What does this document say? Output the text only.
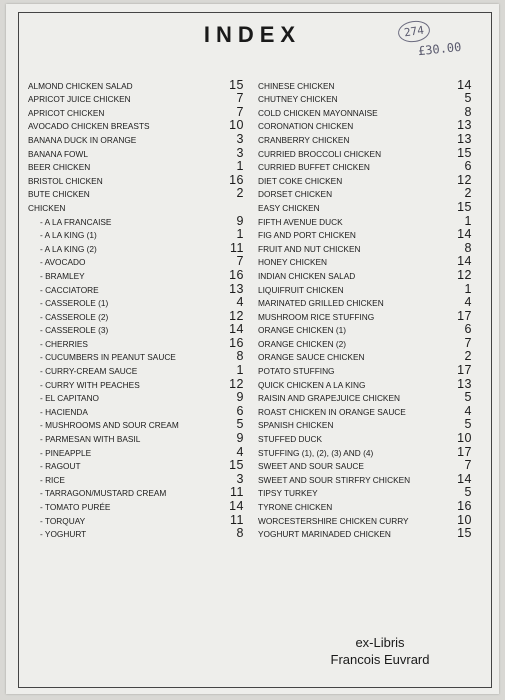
INDEX	274
£30.00
ALMOND CHICKEN SALAD	15
APRICOT JUICE CHICKEN	7
APRICOT CHICKEN	7
AVOCADO CHICKEN BREASTS	10
BANANA DUCK IN ORANGE	3
BANANA FOWL	3
BEER CHICKEN	1
BRISTOL CHICKEN	16
BUTE CHICKEN	2
CHICKEN
- A LA FRANCAISE	9
- A LA KING (1)	1
- A LA KING (2)	11
- AVOCADO	7
- BRAMLEY	16
- CACCIATORE	13
- CASSEROLE (1)	4
- CASSEROLE (2)	12
- CASSEROLE (3)	14
- CHERRIES	16
- CUCUMBERS IN PEANUT SAUCE	8
- CURRY-CREAM SAUCE	1
- CURRY WITH PEACHES	12
- EL CAPITANO	9
- HACIENDA	6
- MUSHROOMS AND SOUR CREAM	5
- PARMESAN WITH BASIL	9
- PINEAPPLE	4
- RAGOUT	15
- RICE	3
- TARRAGON/MUSTARD CREAM	11
- TOMATO PURÉE	14
- TORQUAY	11
- YOGHURT	8
CHINESE CHICKEN	14
CHUTNEY CHICKEN	5
COLD CHICKEN MAYONNAISE	8
CORONATION CHICKEN	13
CRANBERRY CHICKEN	13
CURRIED BROCCOLI CHICKEN	15
CURRIED BUFFET CHICKEN	6
DIET COKE CHICKEN	12
DORSET CHICKEN	2
EASY CHICKEN	15
FIFTH AVENUE DUCK	1
FIG AND PORT CHICKEN	14
FRUIT AND NUT CHICKEN	8
HONEY CHICKEN	14
INDIAN CHICKEN SALAD	12
LIQUIFRUIT CHICKEN	1
MARINATED GRILLED CHICKEN	4
MUSHROOM RICE STUFFING	17
ORANGE CHICKEN (1)	6
ORANGE CHICKEN (2)	7
ORANGE SAUCE CHICKEN	2
POTATO STUFFING	17
QUICK CHICKEN A LA KING	13
RAISIN AND GRAPEJUICE CHICKEN	5
ROAST CHICKEN IN ORANGE SAUCE	4
SPANISH CHICKEN	5
STUFFED DUCK	10
STUFFING (1), (2), (3) AND (4)	17
SWEET AND SOUR SAUCE	7
SWEET AND SOUR STIRFRY CHICKEN	14
TIPSY TURKEY	5
TYRONE CHICKEN	16
WORCESTERSHIRE CHICKEN CURRY	10
YOGHURT MARINADED CHICKEN	15
ex-Libris
Francois Euvrard
